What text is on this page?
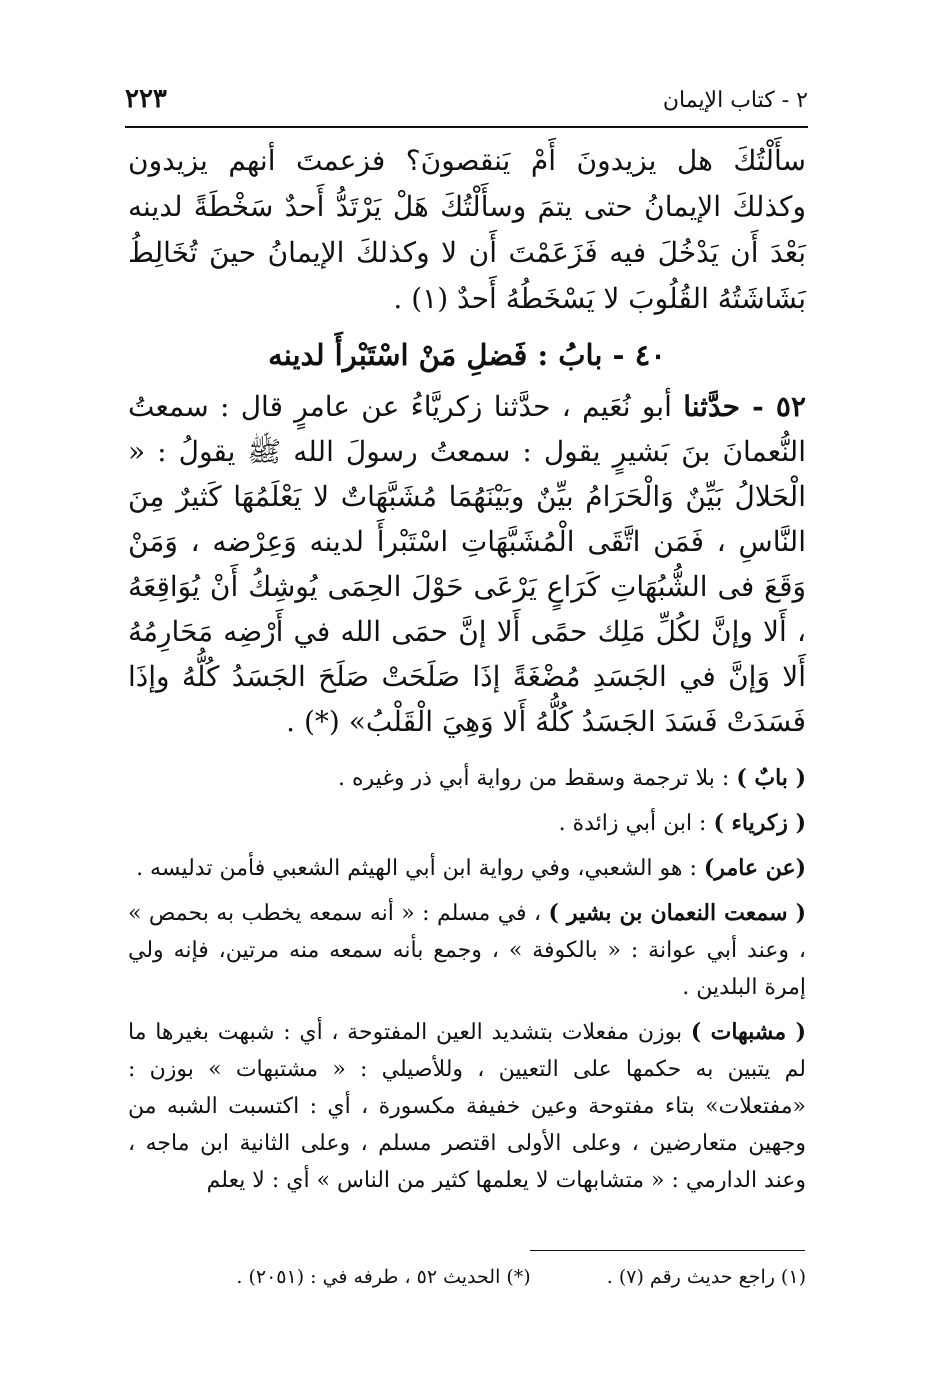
٢ - كتاب الإيمان
٢٢٣

سأَلْتُكَ هل يزيدونَ أَمْ يَنقصونَ؟ فزعمتَ أنهم يزيدون وكذلكَ الإيمانُ حتى يتمَ وسأَلْتُكَ هَلْ يَرْتَدُّ أَحدٌ سَخْطَةً لدينه بَعْدَ أَن يَدْخُلَ فيه فَزَعَمْتَ أَن لا وكذلكَ الإيمانُ حينَ تُخَالِطُ بَشَاشَتُهُ القُلُوبَ لا يَسْخَطُهُ أَحدٌ (١) .

٤٠ - بابُ : فَضلِ مَنْ اسْتَبْرأَ لدينه

٥٢ - حدَّثنا أبو نُعَيم ، حدَّثنا زكريَّاءُ عن عامرٍ قال : سمعتُ النُّعمانَ بنَ بَشيرٍ يقول : سمعتُ رسولَ الله ﷺ يقولُ : « الْحَلالُ بَيِّنٌ وَالْحَرَامُ بيِّنٌ وبَيْنَهُمَا مُشَبَّهَاتٌ لا يَعْلَمُهَا كَثيرٌ مِنَ النَّاسِ ، فَمَن اتَّقَى الْمُشَبَّهَاتِ اسْتَبْرأَ لدينه وَعِرْضه ، وَمَنْ وَقَعَ فى الشُّبُهَاتِ كَرَاعٍ يَرْعَى حَوْلَ الحِمَى يُوشِكُ أَنْ يُوَاقِعَهُ ، أَلا وإنَّ لكُلِّ مَلِك حمًى أَلا إنَّ حمَى الله في أَرْضِه مَحَارِمُهُ أَلا وَإنَّ في الجَسَدِ مُضْغَةً إذَا صَلَحَتْ صَلَحَ الجَسَدُ كُلُّهُ وإذَا فَسَدَتْ فَسَدَ الجَسَدُ كُلُّهُ أَلا وَهِيَ الْقَلْبُ» (*) .

( بابٌ ) : بلا ترجمة وسقط من رواية أبي ذر وغيره .

( زكرياء ) : ابن أبي زائدة .

(عن عامر) : هو الشعبي، وفي رواية ابن أبي الهيثم الشعبي فأمن تدليسه .

( سمعت النعمان بن بشير ) ، في مسلم : « أنه سمعه يخطب به بحمص » ، وعند أبي عوانة : « بالكوفة » ، وجمع بأنه سمعه منه مرتين، فإنه ولي إمرة البلدين .

( مشبهات ) بوزن مفعلات بتشديد العين المفتوحة ، أي : شبهت بغيرها ما لم يتبين به حكمها على التعيين ، وللأصيلي : « مشتبهات » بوزن : «مفتعلات» بتاء مفتوحة وعين خفيفة مكسورة ، أي : اكتسبت الشبه من وجهين متعارضين ، وعلى الأولى اقتصر مسلم ، وعلى الثانية ابن ماجه ، وعند الدارمي : « متشابهات لا يعلمها كثير من الناس » أي : لا يعلم

(١) راجع حديث رقم (٧) . (*) الحديث ٥٢ ، طرفه في : (٢٠٥١) .
